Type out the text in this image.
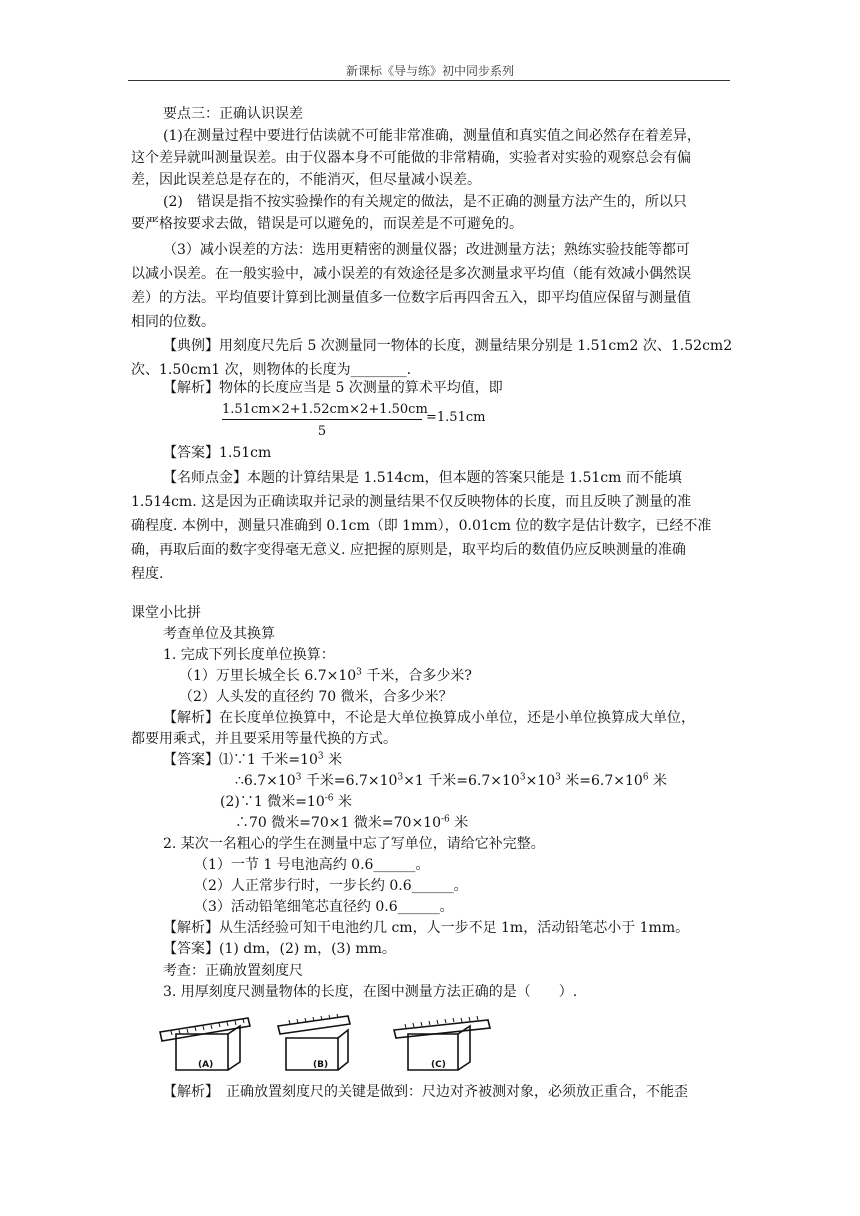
新课标《导与练》初中同步系列
要点三：正确认识误差
(1)在测量过程中要进行估读就不可能非常准确，测量值和真实值之间必然存在着差异，
这个差异就叫测量误差。由于仪器本身不可能做的非常精确，实验者对实验的观察总会有偏
差，因此误差总是存在的，不能消灭，但尽量减小误差。
(2)　错误是指不按实验操作的有关规定的做法，是不正确的测量方法产生的，所以只
要严格按要求去做，错误是可以避免的，而误差是不可避免的。
（3）减小误差的方法：选用更精密的测量仪器；改进测量方法；熟练实验技能等都可
以减小误差。在一般实验中，减小误差的有效途径是多次测量求平均值（能有效减小偶然误
差）的方法。平均值要计算到比测量值多一位数字后再四舍五入，即平均值应保留与测量值
相同的位数。
【典例】用刻度尺先后 5 次测量同一物体的长度，测量结果分别是 1.51cm2 次、1.52cm2
次、1.50cm1 次，则物体的长度为________.
【解析】物体的长度应当是 5 次测量的算术平均值，即
$\frac{1.51cm\times 2+1.52cm\times 2+1.50cm}{5} =1.51cm$
【答案】1.51cm
【名师点金】本题的计算结果是 1.514cm，但本题的答案只能是 1.51cm 而不能填
1.514cm. 这是因为正确读取并记录的测量结果不仅反映物体的长度，而且反映了测量的准
确程度. 本例中，测量只准确到 0.1cm（即 1mm），0.01cm 位的数字是估计数字，已经不准
确，再取后面的数字变得毫无意义. 应把握的原则是，取平均后的数值仍应反映测量的准确
程度.
课堂小比拼
考查单位及其换算
1. 完成下列长度单位换算：
（1）万里长城全长 $6.7\times 10^3$ 千米，合多少米?
（2）人头发的直径约 70 微米，合多少米？
【解析】在长度单位换算中，不论是大单位换算成小单位，还是小单位换算成大单位，
都要用乘式，并且要采用等量代换的方式。
【答案】⑴∵1 千米$=10^3$ 米
$\therefore 6.7\times 10^3$ 千米$=6.7\times 10^3\times 1$ 千米$=6.7\times 10^3\times 10^3$ 米$=6.7\times 10^6$ 米
(2)∵1 微米$=10^{-6}$ 米
∴70 微米=70×1 微米$=70\times 10^{-6}$ 米
2. 某次一名粗心的学生在测量中忘了写单位，请给它补完整。
（1）一节 1 号电池高约 0.6______。
（2）人正常步行时，一步长约 0.6______。
（3）活动铅笔细笔芯直径约 0.6______。
【解析】从生活经验可知干电池约几 cm，人一步不足 1m，活动铅笔芯小于 1mm。
【答案】(1) dm，(2) m，(3) mm。
考查：正确放置刻度尺
3. 用厚刻度尺测量物体的长度，在图中测量方法正确的是（　　）.
(A)	(B)	(C)
【解析】　正确放置刻度尺的关键是做到：尺边对齐被测对象，必须放正重合，不能歪
